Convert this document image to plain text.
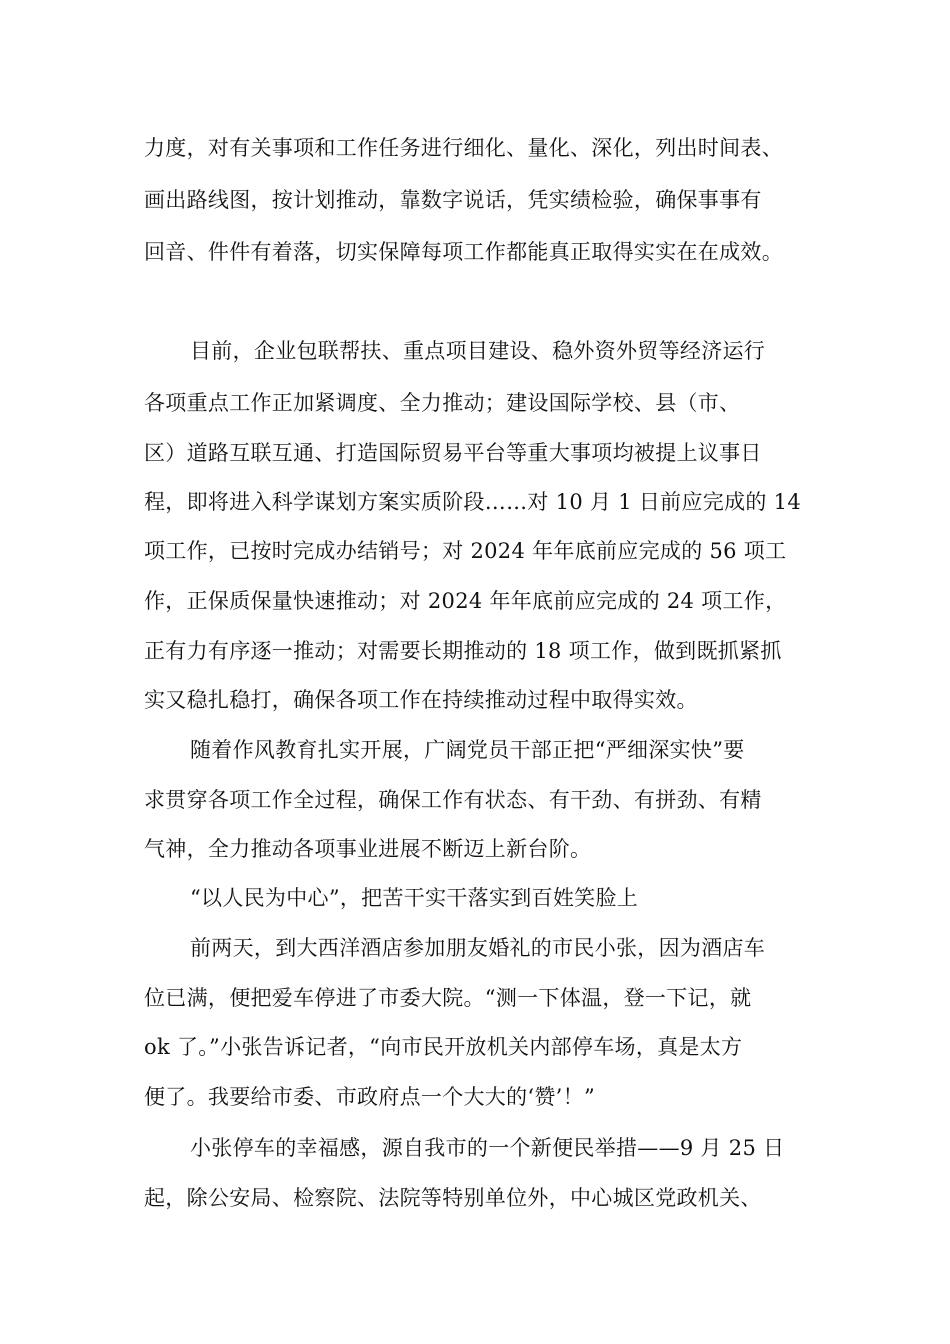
力度，对有关事项和工作任务进行细化、量化、深化，列出时间表、
画出路线图，按计划推动，靠数字说话，凭实绩检验，确保事事有
回音、件件有着落，切实保障每项工作都能真正取得实实在在成效。
目前，企业包联帮扶、重点项目建设、稳外资外贸等经济运行
各项重点工作正加紧调度、全力推动；建设国际学校、县（市、
区）道路互联互通、打造国际贸易平台等重大事项均被提上议事日
程，即将进入科学谋划方案实质阶段……对 10 月 1 日前应完成的 14
项工作，已按时完成办结销号；对 2024 年年底前应完成的 56 项工
作，正保质保量快速推动；对 2024 年年底前应完成的 24 项工作，
正有力有序逐一推动；对需要长期推动的 18 项工作，做到既抓紧抓
实又稳扎稳打，确保各项工作在持续推动过程中取得实效。
随着作风教育扎实开展，广阔党员干部正把“严细深实快”要
求贯穿各项工作全过程，确保工作有状态、有干劲、有拼劲、有精
气神，全力推动各项事业进展不断迈上新台阶。
“以人民为中心”，把苦干实干落实到百姓笑脸上
前两天，到大西洋酒店参加朋友婚礼的市民小张，因为酒店车
位已满，便把爱车停进了市委大院。“测一下体温，登一下记，就
ok 了。”小张告诉记者，“向市民开放机关内部停车场，真是太方
便了。我要给市委、市政府点一个大大的‘赞’！”
小张停车的幸福感，源自我市的一个新便民举措——9 月 25 日
起，除公安局、检察院、法院等特别单位外，中心城区党政机关、
